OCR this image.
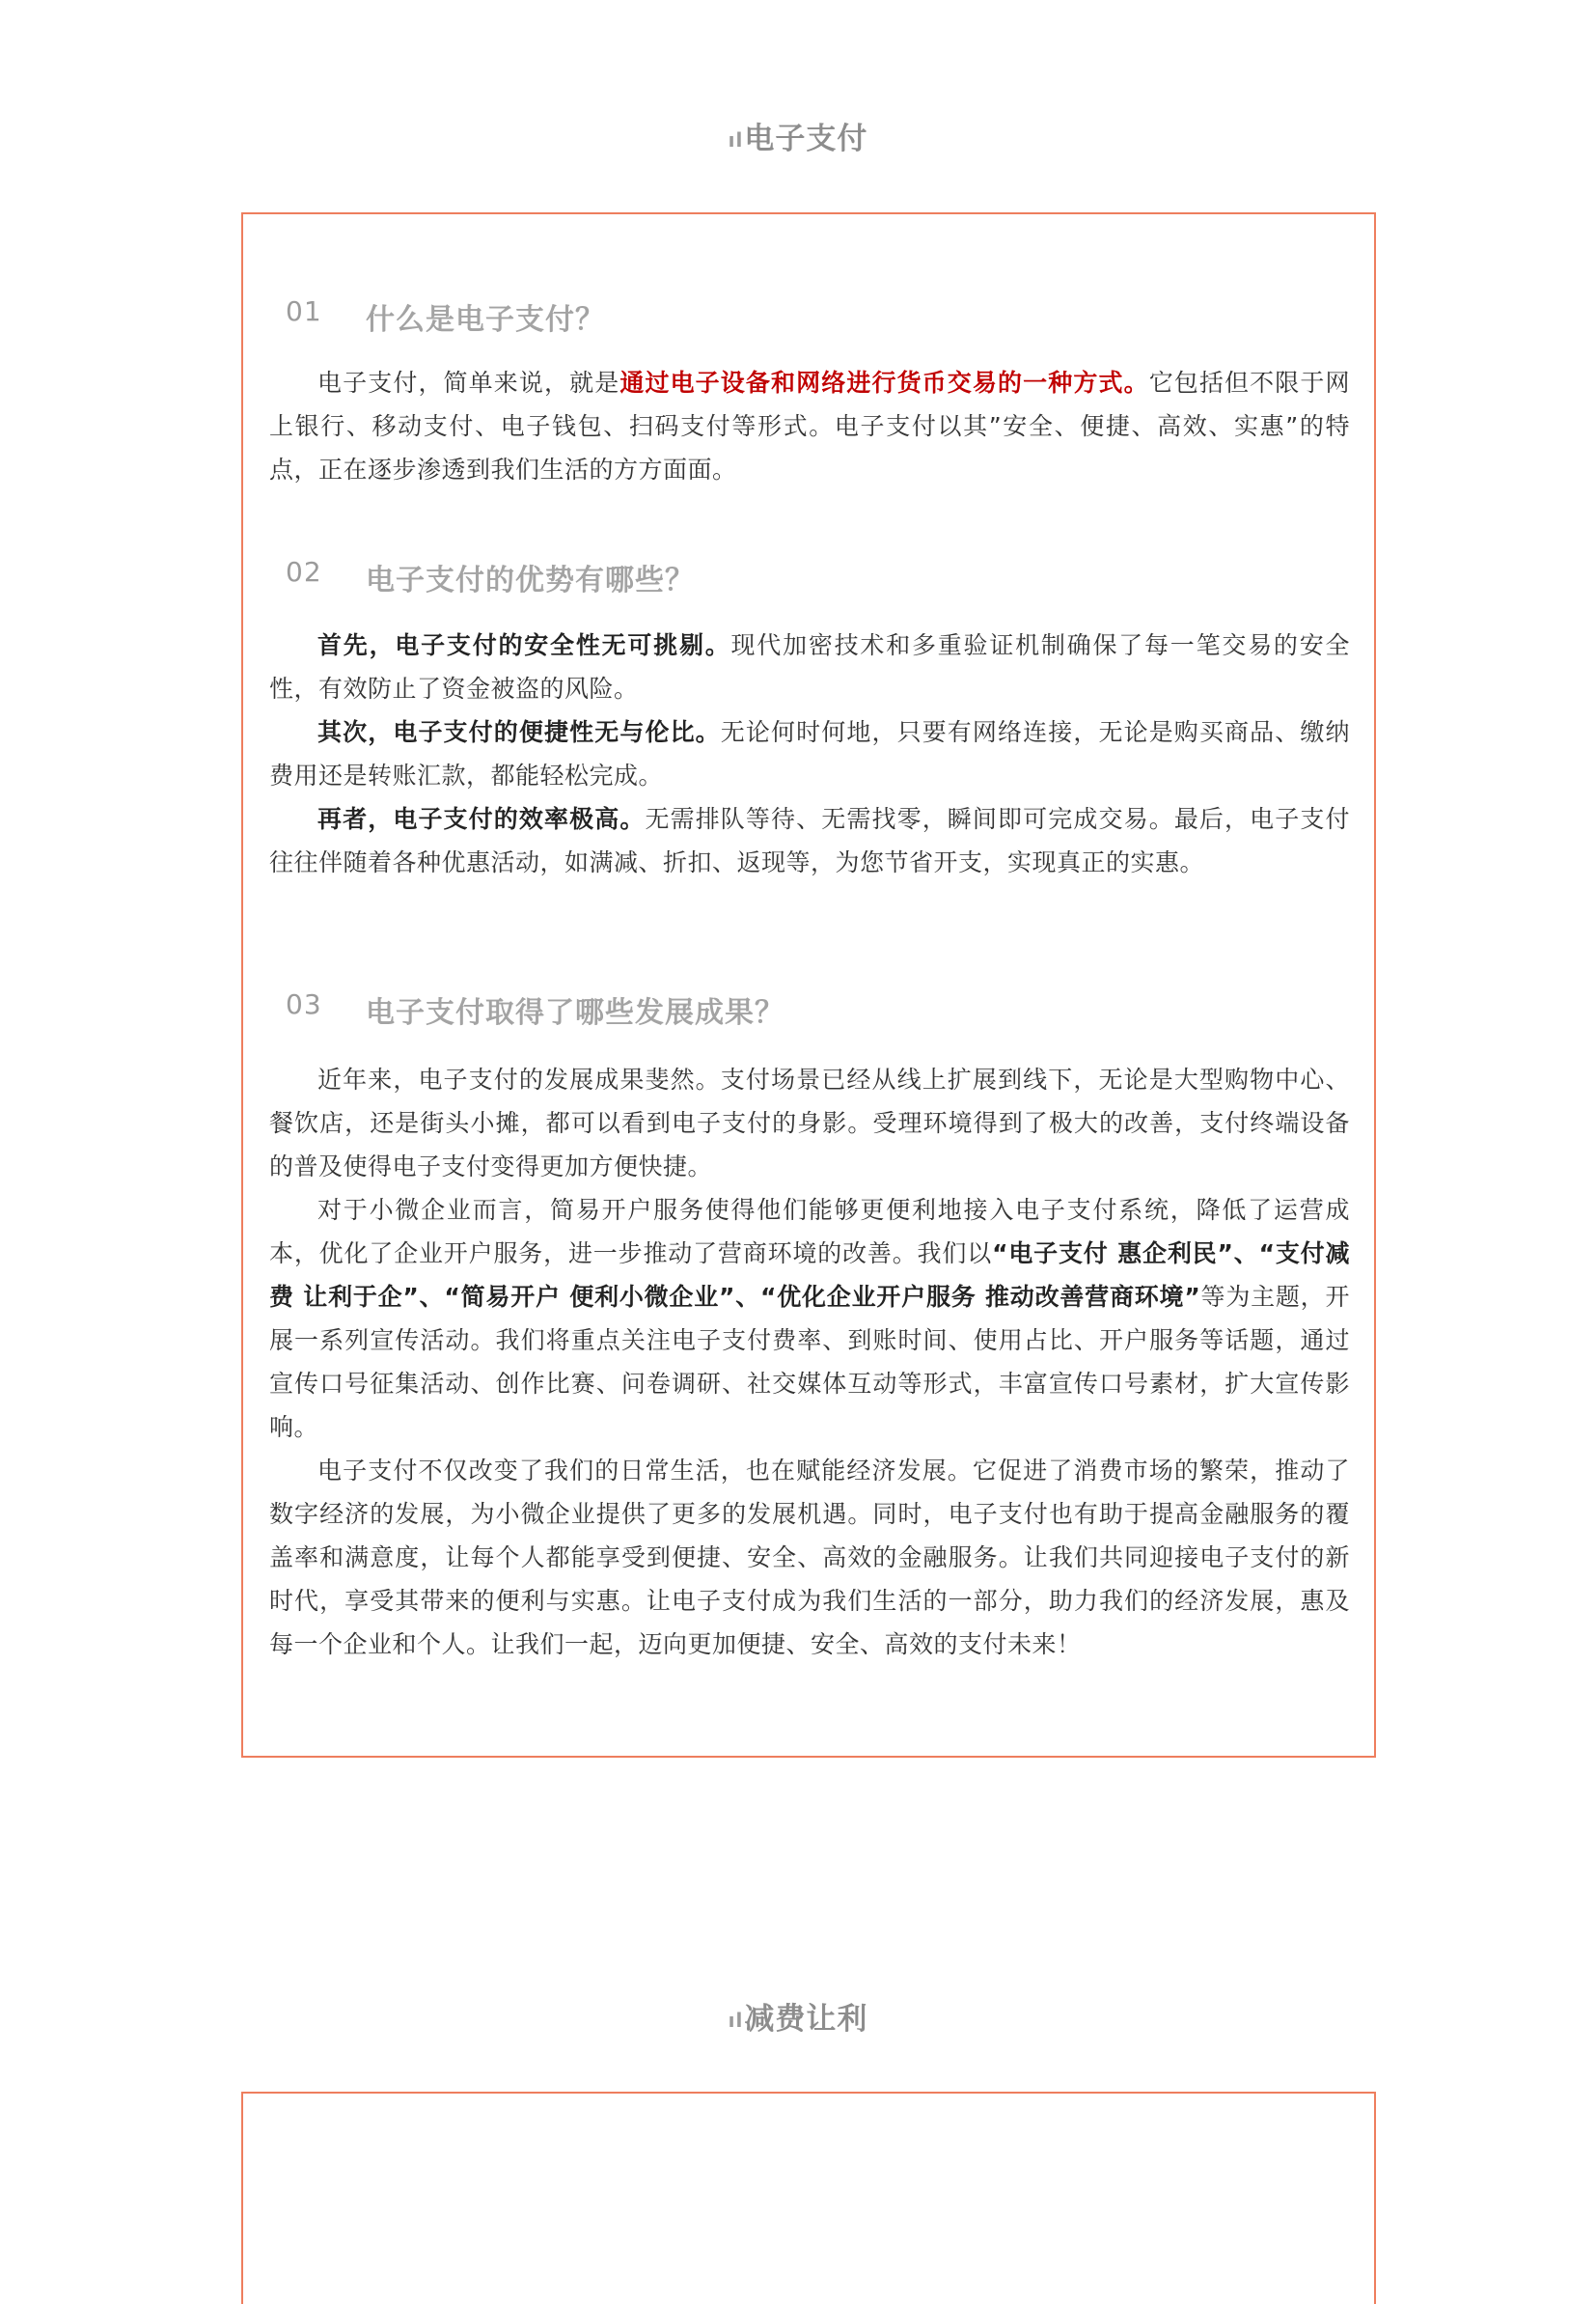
ıl电子支付
01 什么是电子支付？

电子支付，简单来说，就是通过电子设备和网络进行货币交易的一种方式。它包括但不限于网上银行、移动支付、电子钱包、扫码支付等形式。电子支付以其”安全、便捷、高效、实惠”的特点，正在逐步渗透到我们生活的方方面面。

02 电子支付的优势有哪些？

首先，电子支付的安全性无可挑剔。现代加密技术和多重验证机制确保了每一笔交易的安全性，有效防止了资金被盗的风险。

其次，电子支付的便捷性无与伦比。无论何时何地，只要有网络连接，无论是购买商品、缴纳费用还是转账汇款，都能轻松完成。

再者，电子支付的效率极高。无需排队等待、无需找零，瞬间即可完成交易。最后，电子支付往往伴随着各种优惠活动，如满减、折扣、返现等，为您节省开支，实现真正的实惠。

03 电子支付取得了哪些发展成果？

近年来，电子支付的发展成果斐然。支付场景已经从线上扩展到线下，无论是大型购物中心、餐饮店，还是街头小摊，都可以看到电子支付的身影。受理环境得到了极大的改善，支付终端设备的普及使得电子支付变得更加方便快捷。

对于小微企业而言，简易开户服务使得他们能够更便利地接入电子支付系统，降低了运营成本，优化了企业开户服务，进一步推动了营商环境的改善。我们以“电子支付 惠企利民”、“支付减费 让利于企”、“简易开户 便利小微企业”、“优化企业开户服务 推动改善营商环境”等为主题，开展一系列宣传活动。我们将重点关注电子支付费率、到账时间、使用占比、开户服务等话题，通过宣传口号征集活动、创作比赛、问卷调研、社交媒体互动等形式，丰富宣传口号素材，扩大宣传影响。

电子支付不仅改变了我们的日常生活，也在赋能经济发展。它促进了消费市场的繁荣，推动了数字经济的发展，为小微企业提供了更多的发展机遇。同时，电子支付也有助于提高金融服务的覆盖率和满意度，让每个人都能享受到便捷、安全、高效的金融服务。让我们共同迎接电子支付的新时代，享受其带来的便利与实惠。让电子支付成为我们生活的一部分，助力我们的经济发展，惠及每一个企业和个人。让我们一起，迈向更加便捷、安全、高效的支付未来！

ıl减费让利
